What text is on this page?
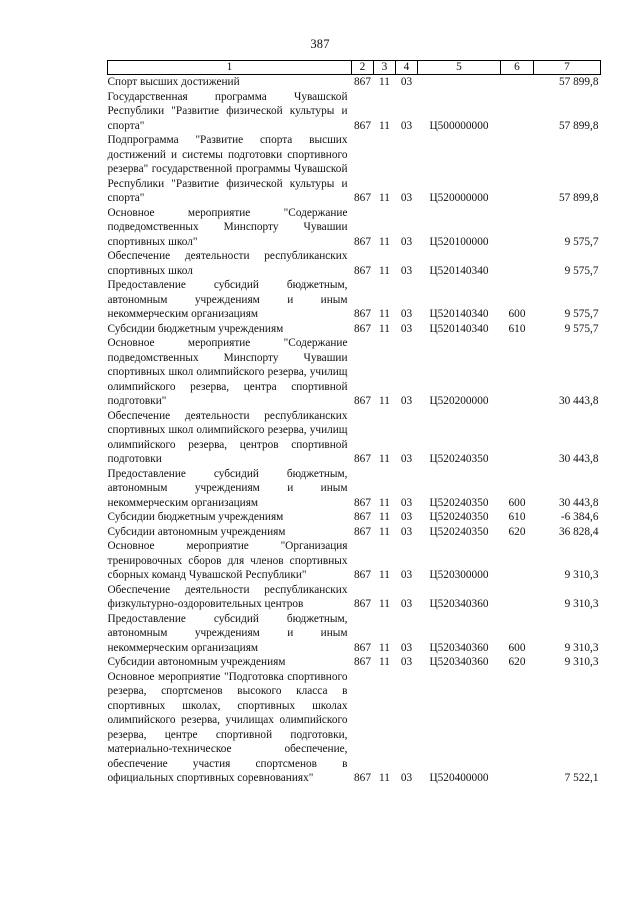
387
1	2	3	4	5	6	7
Спорт высших достижений	867	11	03			57 899,8
Государственная программа Чувашской Республики "Развитие физической культуры и спорта"	867	11	03	Ц500000000		57 899,8
Подпрограмма "Развитие спорта высших достижений и системы подготовки спортивного резерва" государственной программы Чувашской Республики "Развитие физической культуры и спорта"	867	11	03	Ц520000000		57 899,8
Основное мероприятие "Содержание подведомственных Минспорту Чувашии спортивных школ"	867	11	03	Ц520100000		9 575,7
Обеспечение деятельности республиканских спортивных школ	867	11	03	Ц520140340		9 575,7
Предоставление субсидий бюджетным, автономным учреждениям и иным некоммерческим организациям	867	11	03	Ц520140340	600	9 575,7
Субсидии бюджетным учреждениям	867	11	03	Ц520140340	610	9 575,7
Основное мероприятие "Содержание подведомственных Минспорту Чувашии спортивных школ олимпийского резерва, училищ олимпийского резерва, центра спортивной подготовки"	867	11	03	Ц520200000		30 443,8
Обеспечение деятельности республиканских спортивных школ олимпийского резерва, училищ олимпийского резерва, центров спортивной подготовки	867	11	03	Ц520240350		30 443,8
Предоставление субсидий бюджетным, автономным учреждениям и иным некоммерческим организациям	867	11	03	Ц520240350	600	30 443,8
Субсидии бюджетным учреждениям	867	11	03	Ц520240350	610	-6 384,6
Субсидии автономным учреждениям	867	11	03	Ц520240350	620	36 828,4
Основное мероприятие "Организация тренировочных сборов для членов спортивных сборных команд Чувашской Республики"	867	11	03	Ц520300000		9 310,3
Обеспечение деятельности республиканских физкультурно-оздоровительных центров	867	11	03	Ц520340360		9 310,3
Предоставление субсидий бюджетным, автономным учреждениям и иным некоммерческим организациям	867	11	03	Ц520340360	600	9 310,3
Субсидии автономным учреждениям	867	11	03	Ц520340360	620	9 310,3
Основное мероприятие "Подготовка спортивного резерва, спортсменов высокого класса в спортивных школах, спортивных школах олимпийского резерва, училищах олимпийского резерва, центре спортивной подготовки, материально-техническое обеспечение, обеспечение участия спортсменов в официальных спортивных соревнованиях"	867	11	03	Ц520400000		7 522,1
